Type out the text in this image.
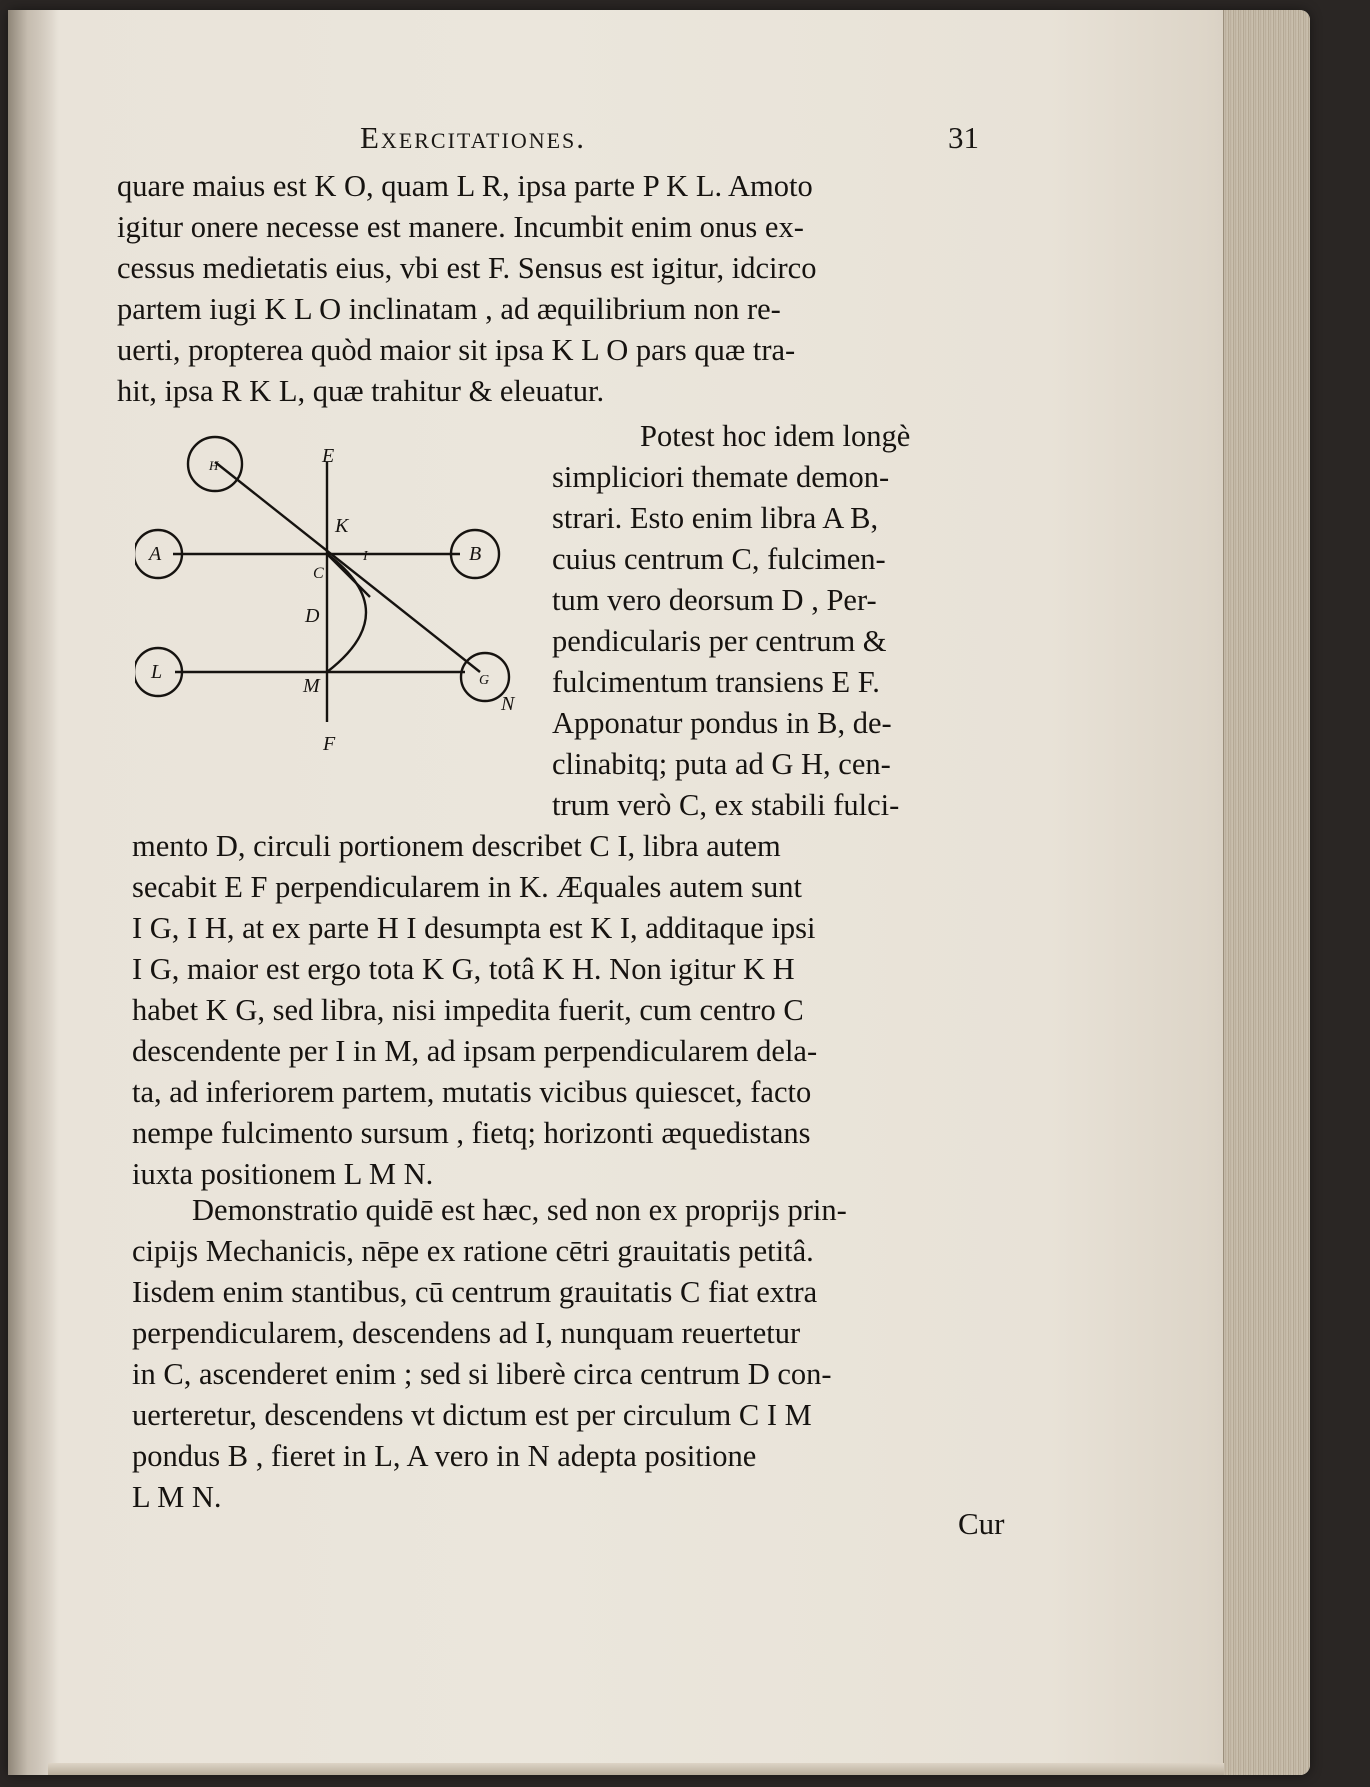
Exercitationes.	31
quare maius est K O, quam L R, ipsa parte P K L. Amoto
igitur onere necesse est manere. Incumbit enim onus ex-
cessus medietatis eius, vbi est F. Sensus est igitur, idcirco
partem iugi K L O inclinatam , ad æquilibrium non re-
uerti, propterea quòd maior sit ipsa K L O pars quæ tra-
hit, ipsa R K L, quæ trahitur & eleuatur.
E
F
K
C
D
M
N
A	B
L	G
H
I
Potest hoc idem longè
simpliciori themate demon-
strari. Esto enim libra A B,
cuius centrum C, fulcimen-
tum vero deorsum D , Per-
pendicularis per centrum &
fulcimentum transiens E F.
Apponatur pondus in B, de-
clinabitq; puta ad G H, cen-
trum verò C, ex stabili fulci-
mento D, circuli portionem describet C I, libra autem
secabit E F perpendicularem in K. Æquales autem sunt
I G, I H, at ex parte H I desumpta est K I, additaque ipsi
I G, maior est ergo tota K G, totâ K H. Non igitur K H
habet K G, sed libra, nisi impedita fuerit, cum centro C
descendente per I in M, ad ipsam perpendicularem dela-
ta, ad inferiorem partem, mutatis vicibus quiescet, facto
nempe fulcimento sursum , fietq; horizonti æquedistans
iuxta positionem L M N.
Demonstratio quidē est hæc, sed non ex proprijs prin-
cipijs Mechanicis, nēpe ex ratione cētri grauitatis petitâ.
Iisdem enim stantibus, cū centrum grauitatis C fiat extra
perpendicularem, descendens ad I, nunquam reuertetur
in C, ascenderet enim ; sed si liberè circa centrum D con-
uerteretur, descendens vt dictum est per circulum C I M
pondus B , fieret in L, A vero in N adepta positione
L M N.
Cur
